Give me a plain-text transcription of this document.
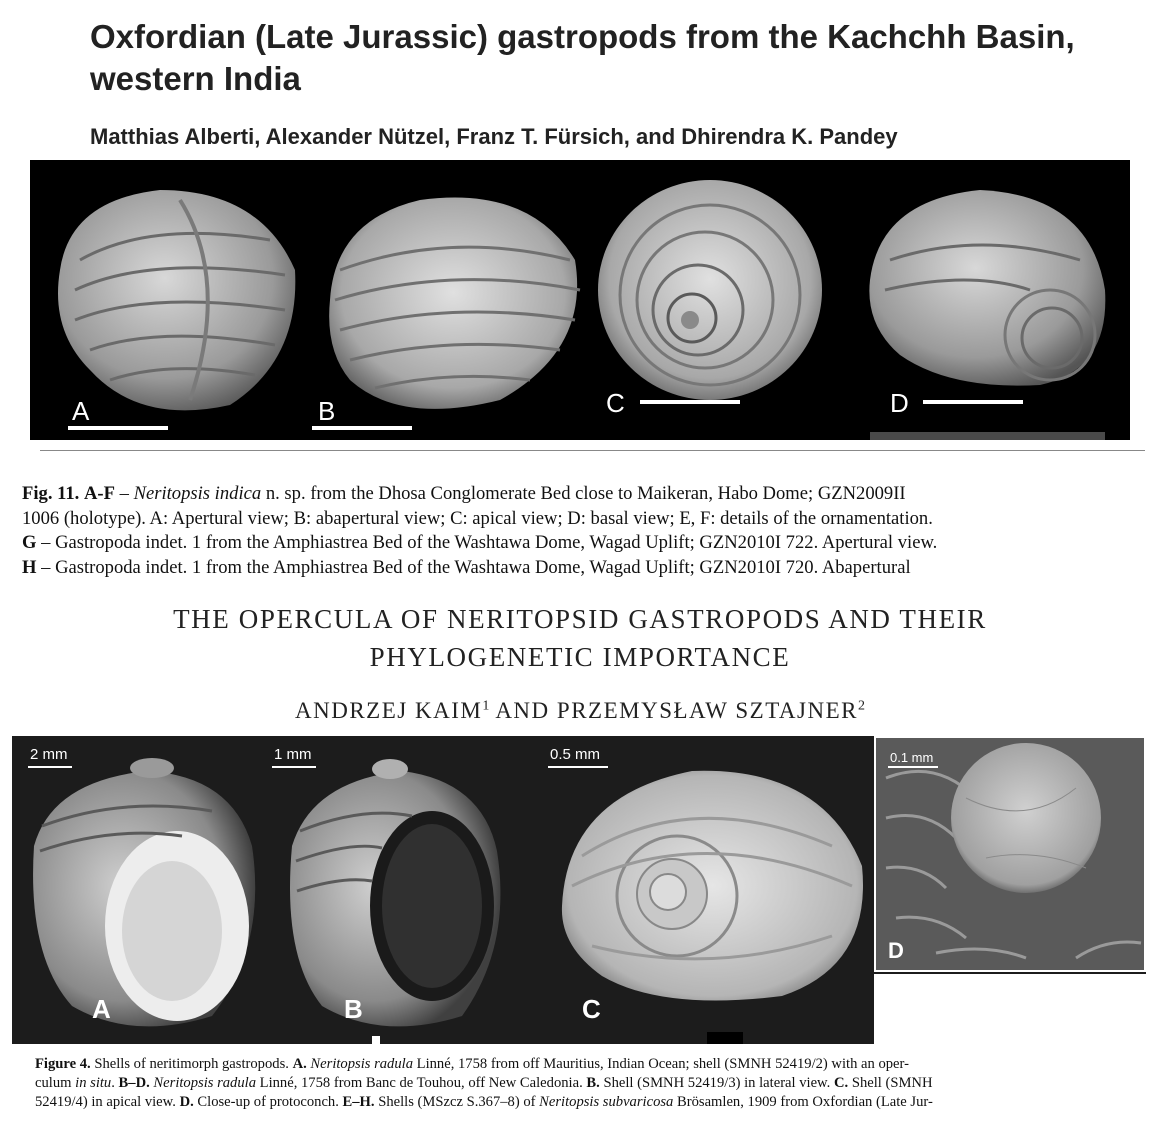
Oxfordian (Late Jurassic) gastropods from the Kachchh Basin,
western India
Matthias Alberti, Alexander Nützel, Franz T. Fürsich, and Dhirendra K. Pandey
A	B	C	D

Fig. 11. A-F – Neritopsis indica n. sp. from the Dhosa Conglomerate Bed close to Maikeran, Habo Dome; GZN2009II

1006 (holotype). A: Apertural view; B: abapertural view; C: apical view; D: basal view; E, F: details of the ornamentation.

G – Gastropoda indet. 1 from the Amphiastrea Bed of the Washtawa Dome, Wagad Uplift; GZN2010I 722. Apertural view.

H – Gastropoda indet. 1 from the Amphiastrea Bed of the Washtawa Dome, Wagad Uplift; GZN2010I 720. Abapertural

THE OPERCULA OF NERITOPSID GASTROPODS AND THEIR
PHYLOGENETIC IMPORTANCE
ANDRZEJ KAIM$^1$ AND PRZEMYSŁAW SZTAJNER$^2$
2 mm
A
1 mm
B
0.5 mm
C
0.1 mm
D

Figure 4. Shells of neritimorph gastropods. A. Neritopsis radula Linné, 1758 from off Mauritius, Indian Ocean; shell (SMNH 52419/2) with an oper-

culum in situ. B–D. Neritopsis radula Linné, 1758 from Banc de Touhou, off New Caledonia. B. Shell (SMNH 52419/3) in lateral view. C. Shell (SMNH

52419/4) in apical view. D. Close-up of protoconch. E–H. Shells (MSzcz S.367–8) of Neritopsis subvaricosa Brösamlen, 1909 from Oxfordian (Late Jur-
